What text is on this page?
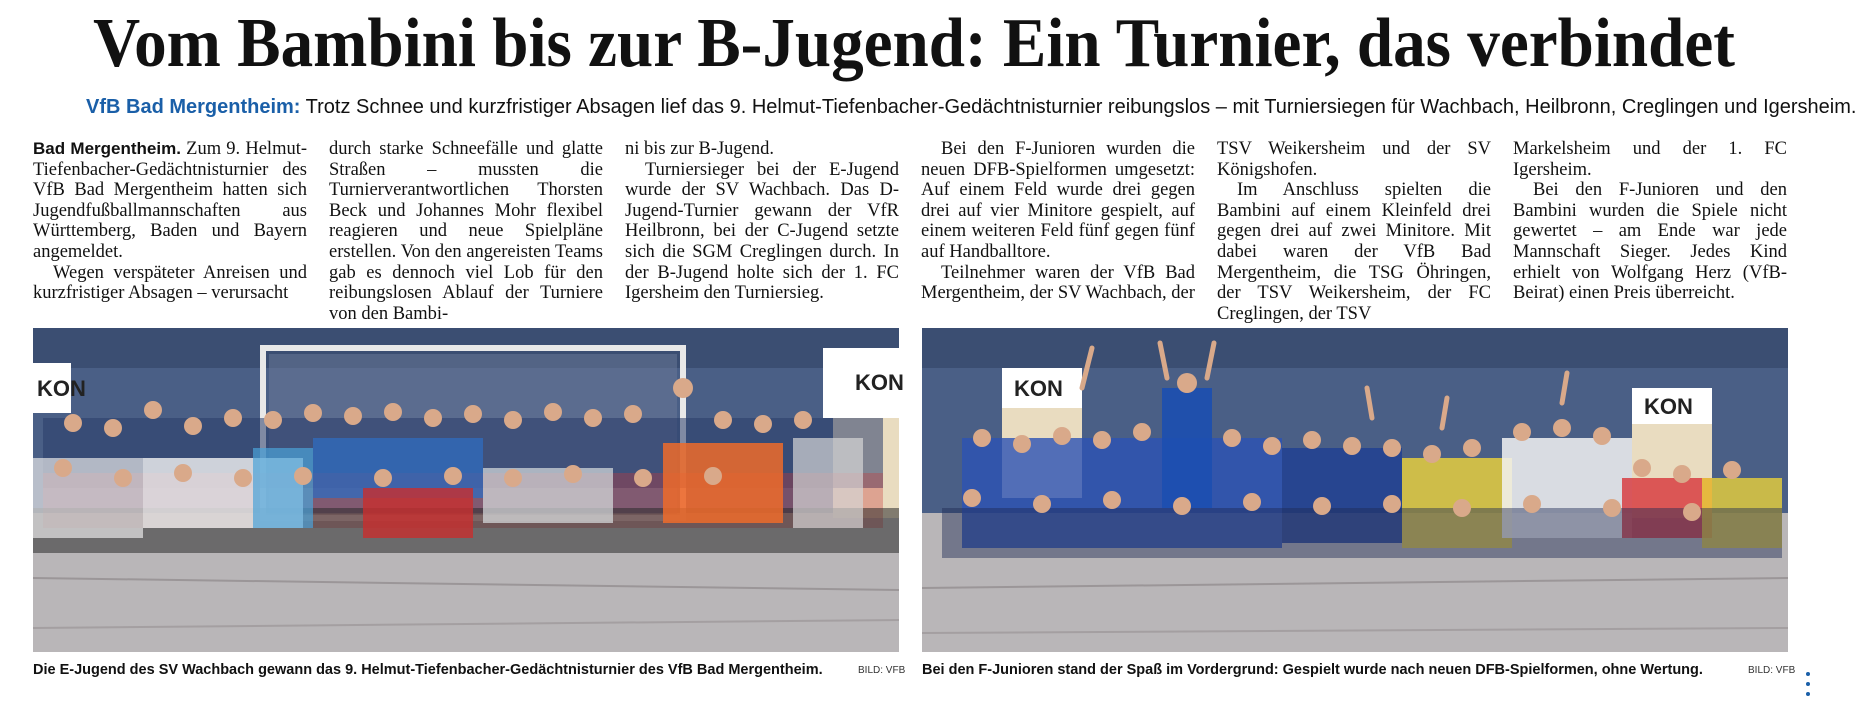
Vom Bambini bis zur B-Jugend: Ein Turnier, das verbindet
VfB Bad Mergentheim: Trotz Schnee und kurzfristiger Absagen lief das 9. Helmut-Tiefenbacher-Gedächtnisturnier reibungslos – mit Turniersiegen für Wachbach, Heilbronn, Creglingen und Igersheim.

Bad Mergentheim. Zum 9. Helmut-Tiefenbacher-Gedächtnisturnier des VfB Bad Mergentheim hatten sich Jugendfußballmannschaften aus Württemberg, Baden und Bayern angemeldet.

Wegen verspäteter Anreisen und kurzfristiger Absagen – verursacht

durch starke Schneefälle und glatte Straßen – mussten die Turnierverantwortlichen Thorsten Beck und Johannes Mohr flexibel reagieren und neue Spielpläne erstellen. Von den angereisten Teams gab es dennoch viel Lob für den reibungslosen Ablauf der Turniere von den Bambi-

ni bis zur B-Jugend.

Turniersieger bei der E-Jugend wurde der SV Wachbach. Das D-Jugend-Turnier gewann der VfR Heilbronn, bei der C-Jugend setzte sich die SGM Creglingen durch. In der B-Jugend holte sich der 1. FC Igersheim den Turniersieg.

Bei den F-Junioren wurden die neuen DFB-Spielformen umgesetzt: Auf einem Feld wurde drei gegen drei auf vier Minitore gespielt, auf einem weiteren Feld fünf gegen fünf auf Handballtore.

Teilnehmer waren der VfB Bad Mergentheim, der SV Wachbach, der

TSV Weikersheim und der SV Königshofen.

Im Anschluss spielten die Bambini auf einem Kleinfeld drei gegen drei auf zwei Minitore. Mit dabei waren der VfB Bad Mergentheim, die TSG Öhringen, der TSV Weikersheim, der FC Creglingen, der TSV

Markelsheim und der 1. FC Igersheim.

Bei den F-Junioren und den Bambini wurden die Spiele nicht gewertet – am Ende war jede Mannschaft Sieger. Jedes Kind erhielt von Wolfgang Herz (VfB-Beirat) einen Preis überreicht.

KON	KON
Die E-Jugend des SV Wachbach gewann das 9. Helmut-Tiefenbacher-Gedächtnisturnier des VfB Bad Mergentheim.	BILD: VFB
KON
KON
Bei den F-Junioren stand der Spaß im Vordergrund: Gespielt wurde nach neuen DFB-Spielformen, ohne Wertung.	BILD: VFB
